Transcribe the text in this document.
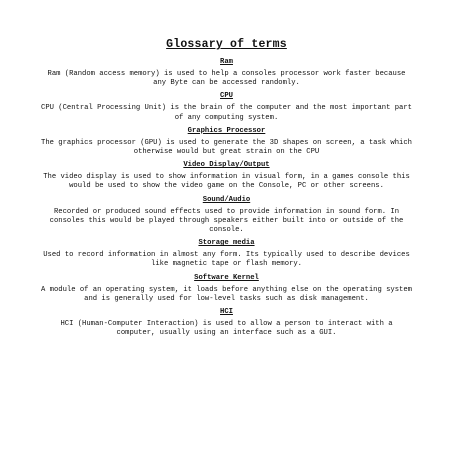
Glossary of terms
Ram

Ram (Random access memory) is used to help a consoles processor work faster because any Byte can be accessed randomly.

CPU

CPU (Central Processing Unit) is the brain of the computer and the most important part of any computing system.

Graphics Processor

The graphics processor (GPU) is used to generate the 3D shapes on screen, a task which otherwise would but great strain on the CPU

Video Display/Output

The video display is used to show information in visual form, in a games console this would be used to show the video game on the Console, PC or other screens.

Sound/Audio

Recorded or produced sound effects used to provide information in sound form. In consoles this would be played through speakers either built into or outside of the console.

Storage media

Used to record information in almost any form. Its typically used to describe devices like magnetic tape or flash memory.

Software Kernel

A module of an operating system, it loads before anything else on the operating system and is generally used for low-level tasks such as disk management.

HCI

HCI (Human-Computer Interaction) is used to allow a person to interact with a computer, usually using an interface such as a GUI.
